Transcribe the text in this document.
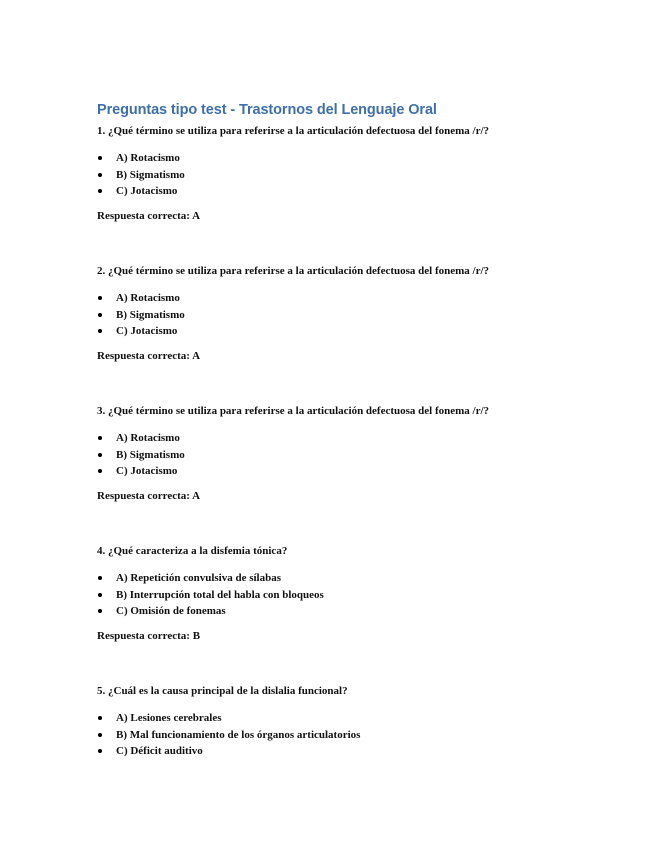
Preguntas tipo test - Trastornos del Lenguaje Oral

1. ¿Qué término se utiliza para referirse a la articulación defectuosa del fonema /r/?

A) Rotacismo
B) Sigmatismo
C) Jotacismo

Respuesta correcta: A

2. ¿Qué término se utiliza para referirse a la articulación defectuosa del fonema /r/?

A) Rotacismo
B) Sigmatismo
C) Jotacismo

Respuesta correcta: A

3. ¿Qué término se utiliza para referirse a la articulación defectuosa del fonema /r/?

A) Rotacismo
B) Sigmatismo
C) Jotacismo

Respuesta correcta: A

4. ¿Qué caracteriza a la disfemia tónica?

A) Repetición convulsiva de sílabas
B) Interrupción total del habla con bloqueos
C) Omisión de fonemas

Respuesta correcta: B

5. ¿Cuál es la causa principal de la dislalia funcional?

A) Lesiones cerebrales
B) Mal funcionamiento de los órganos articulatorios
C) Déficit auditivo
